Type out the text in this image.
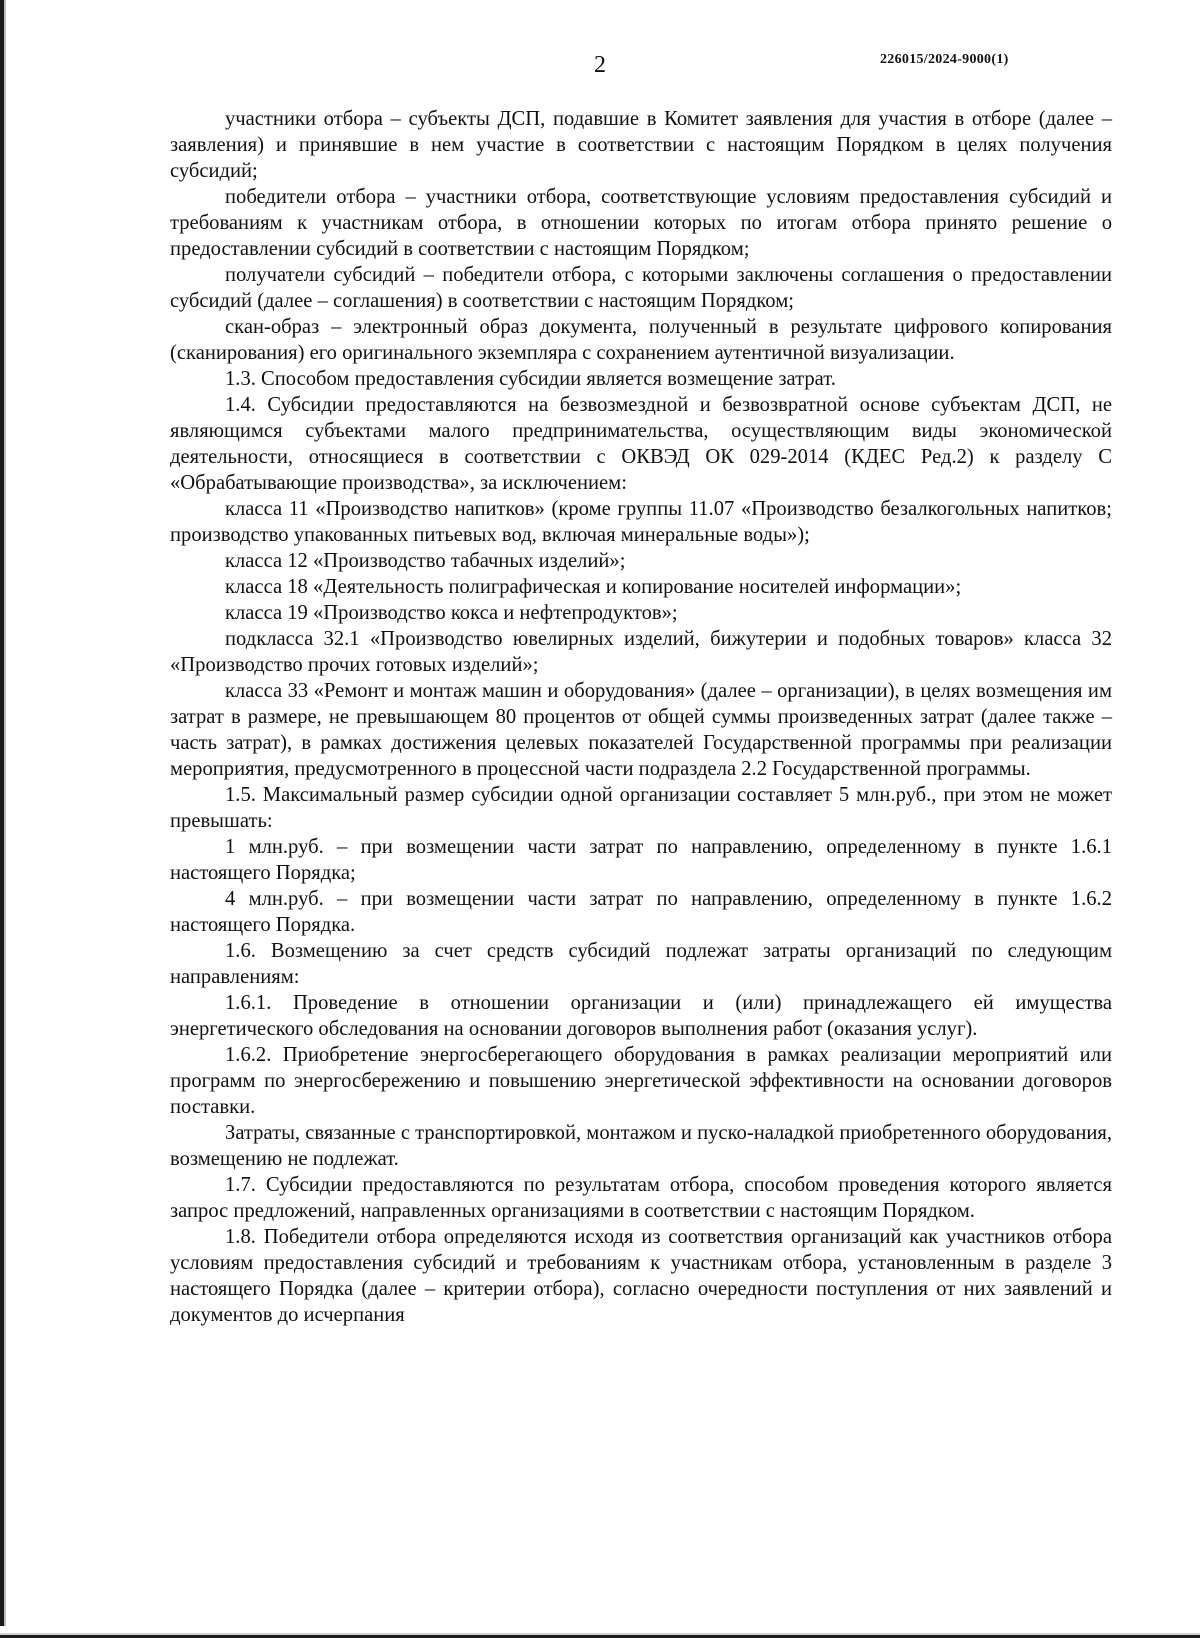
2	226015/2024-9000(1)

участники отбора – субъекты ДСП, подавшие в Комитет заявления для участия в отборе (далее – заявления) и принявшие в нем участие в соответствии с настоящим Порядком в целях получения субсидий;

победители отбора – участники отбора, соответствующие условиям предоставления субсидий и требованиям к участникам отбора, в отношении которых по итогам отбора принято решение о предоставлении субсидий в соответствии с настоящим Порядком;

получатели субсидий – победители отбора, с которыми заключены соглашения о предоставлении субсидий (далее – соглашения) в соответствии с настоящим Порядком;

скан-образ – электронный образ документа, полученный в результате цифрового копирования (сканирования) его оригинального экземпляра с сохранением аутентичной визуализации.

1.3. Способом предоставления субсидии является возмещение затрат.

1.4. Субсидии предоставляются на безвозмездной и безвозвратной основе субъектам ДСП, не являющимся субъектами малого предпринимательства, осуществляющим виды экономической деятельности, относящиеся в соответствии с ОКВЭД ОК 029-2014 (КДЕС Ред.2) к разделу С «Обрабатывающие производства», за исключением:

класса 11 «Производство напитков» (кроме группы 11.07 «Производство безалкогольных напитков; производство упакованных питьевых вод, включая минеральные воды»);

класса 12 «Производство табачных изделий»;

класса 18 «Деятельность полиграфическая и копирование носителей информации»;

класса 19 «Производство кокса и нефтепродуктов»;

подкласса 32.1 «Производство ювелирных изделий, бижутерии и подобных товаров» класса 32 «Производство прочих готовых изделий»;

класса 33 «Ремонт и монтаж машин и оборудования» (далее – организации), в целях возмещения им затрат в размере, не превышающем 80 процентов от общей суммы произведенных затрат (далее также – часть затрат), в рамках достижения целевых показателей Государственной программы при реализации мероприятия, предусмотренного в процессной части подраздела 2.2 Государственной программы.

1.5. Максимальный размер субсидии одной организации составляет 5 млн.руб., при этом не может превышать:

1 млн.руб. – при возмещении части затрат по направлению, определенному в пункте 1.6.1 настоящего Порядка;

4 млн.руб. – при возмещении части затрат по направлению, определенному в пункте 1.6.2 настоящего Порядка.

1.6. Возмещению за счет средств субсидий подлежат затраты организаций по следующим направлениям:

1.6.1. Проведение в отношении организации и (или) принадлежащего ей имущества энергетического обследования на основании договоров выполнения работ (оказания услуг).

1.6.2. Приобретение энергосберегающего оборудования в рамках реализации мероприятий или программ по энергосбережению и повышению энергетической эффективности на основании договоров поставки.

Затраты, связанные с транспортировкой, монтажом и пуско-наладкой приобретенного оборудования, возмещению не подлежат.

1.7. Субсидии предоставляются по результатам отбора, способом проведения которого является запрос предложений, направленных организациями в соответствии с настоящим Порядком.

1.8. Победители отбора определяются исходя из соответствия организаций как участников отбора условиям предоставления субсидий и требованиям к участникам отбора, установленным в разделе 3 настоящего Порядка (далее – критерии отбора), согласно очередности поступления от них заявлений и документов до исчерпания
